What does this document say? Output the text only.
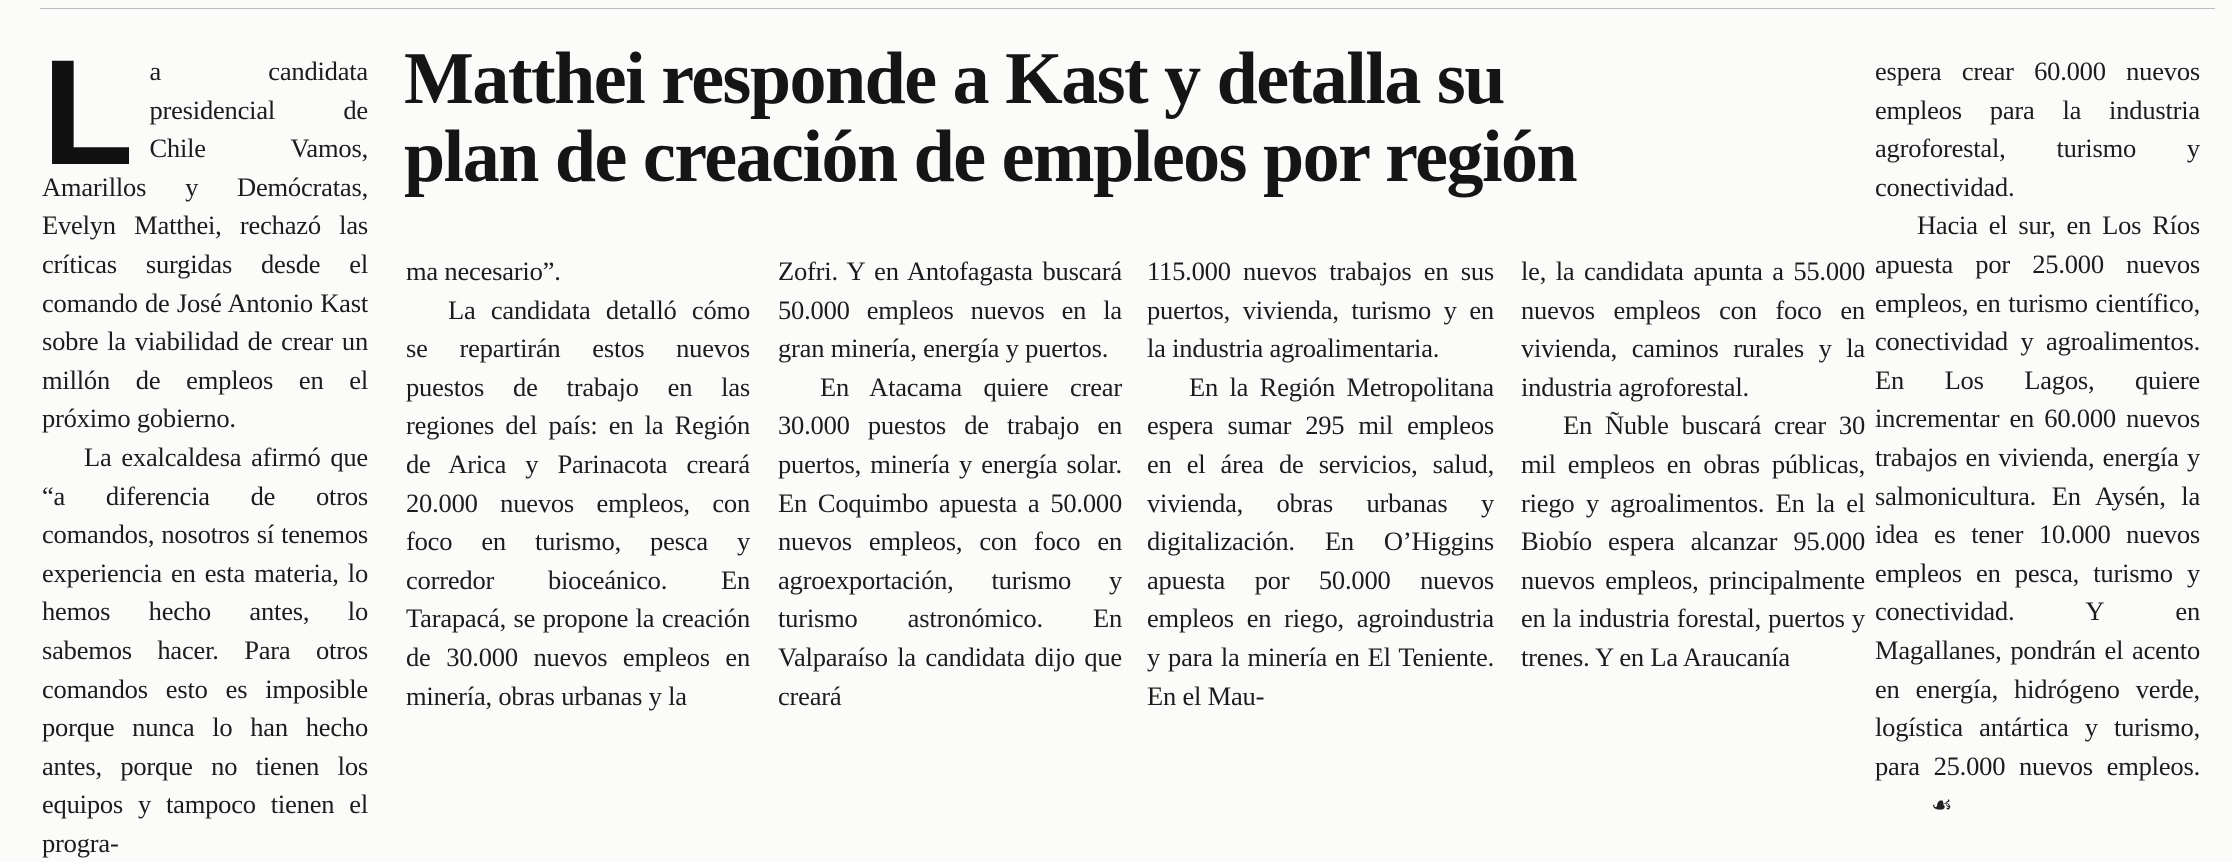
Matthei responde a Kast y detalla su
plan de creación de empleos por región

La candidata presidencial de Chile Vamos, Amarillos y Demócratas, Evelyn Matthei, rechazó las críticas surgidas desde el comando de José Antonio Kast sobre la viabilidad de crear un millón de empleos en el próximo gobierno.

La exalcaldesa afirmó que “a diferencia de otros comandos, nosotros sí tenemos experiencia en esta materia, lo hemos hecho antes, lo sabemos hacer. Para otros comandos esto es imposible porque nunca lo han hecho antes, porque no tienen los equipos y tampoco tienen el progra-

ma necesario”.

La candidata detalló cómo se repartirán estos nuevos puestos de trabajo en las regiones del país: en la Región de Arica y Parinacota creará 20.000 nuevos empleos, con foco en turismo, pesca y corredor bioceánico. En Tarapacá, se propone la creación de 30.000 nuevos empleos en minería, obras urbanas y la

Zofri. Y en Antofagasta buscará 50.000 empleos nuevos en la gran minería, energía y puertos.

En Atacama quiere crear 30.000 puestos de trabajo en puertos, minería y energía solar. En Coquimbo apuesta a 50.000 nuevos empleos, con foco en agroexportación, turismo y turismo astronómico. En Valparaíso la candidata dijo que creará

115.000 nuevos trabajos en sus puertos, vivienda, turismo y en la industria agroalimentaria.

En la Región Metropolitana espera sumar 295 mil empleos en el área de servicios, salud, vivienda, obras urbanas y digitalización. En O’Higgins apuesta por 50.000 nuevos empleos en riego, agroindustria y para la minería en El Teniente. En el Mau-

le, la candidata apunta a 55.000 nuevos empleos con foco en vivienda, caminos rurales y la industria agroforestal.

En Ñuble buscará crear 30 mil empleos en obras públicas, riego y agroalimentos. En la el Biobío espera alcanzar 95.000 nuevos empleos, principalmente en la industria forestal, puertos y trenes. Y en La Araucanía

espera crear 60.000 nuevos empleos para la industria agroforestal, turismo y conectividad.

Hacia el sur, en Los Ríos apuesta por 25.000 nuevos empleos, en turismo científico, conectividad y agroalimentos. En Los Lagos, quiere incrementar en 60.000 nuevos trabajos en vivienda, energía y salmonicultura. En Aysén, la idea es tener 10.000 nuevos empleos en pesca, turismo y conectividad. Y en Magallanes, pondrán el acento en energía, hidrógeno verde, logística antártica y turismo, para 25.000 nuevos empleos.☙
